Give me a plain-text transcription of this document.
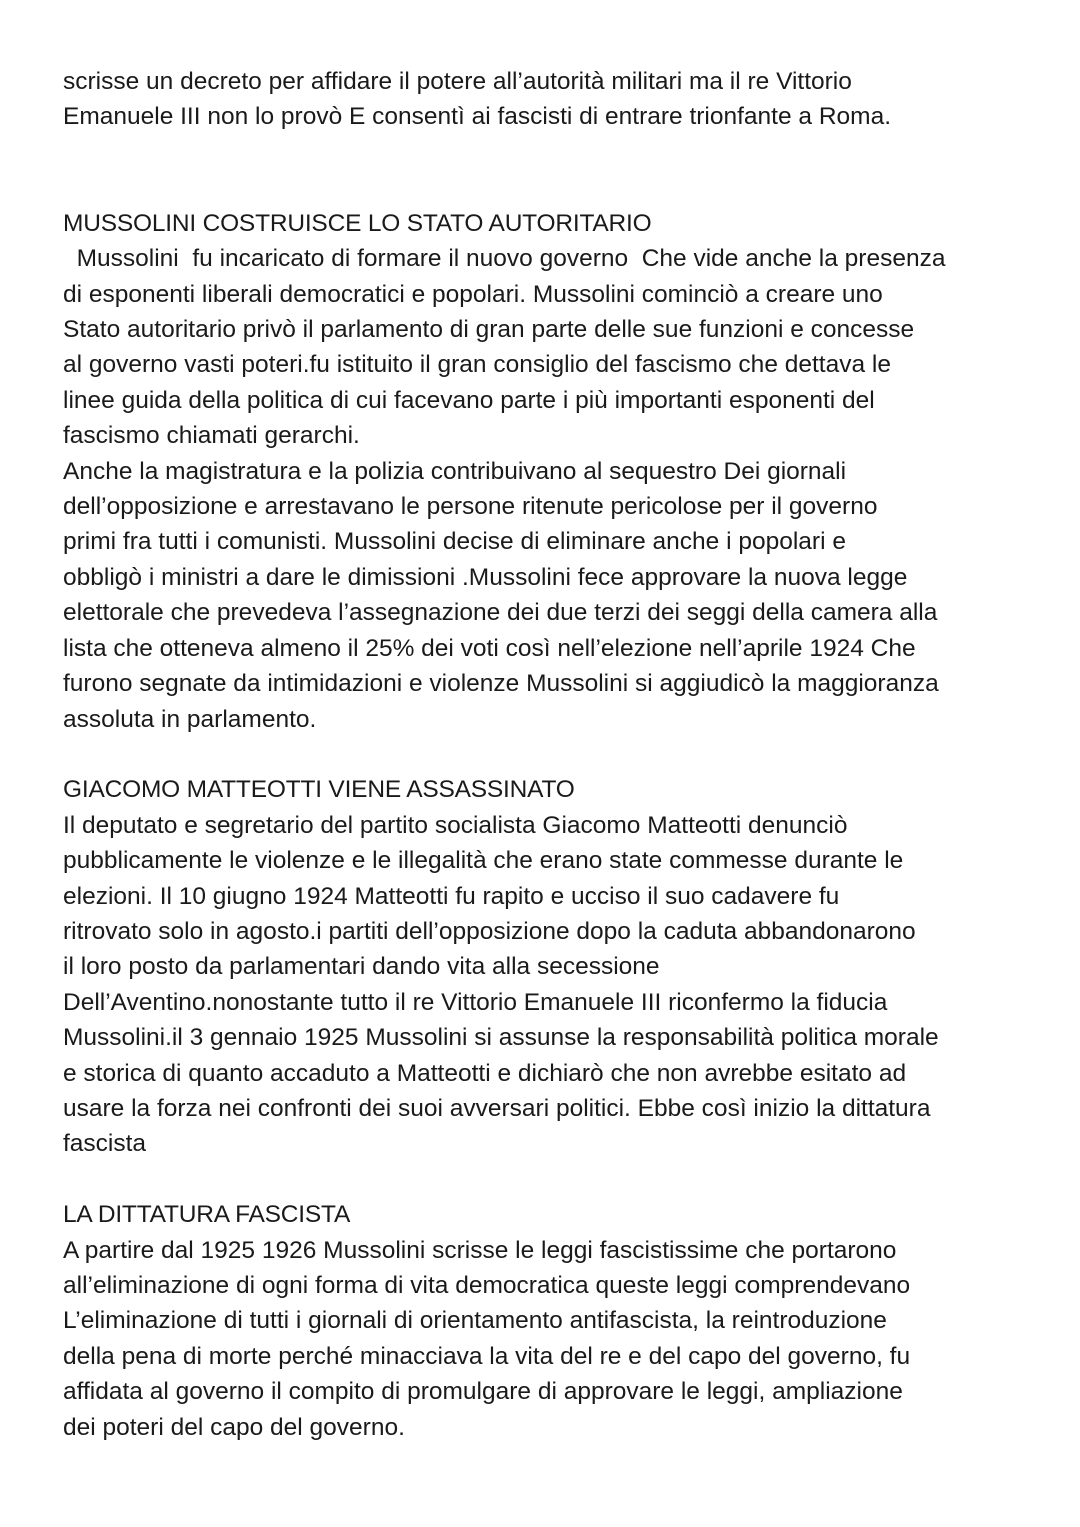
scrisse un decreto per affidare il potere all’autorità militari ma il re Vittorio
Emanuele III non lo provò E consentì ai fascisti di entrare trionfante a Roma.

MUSSOLINI COSTRUISCE LO STATO AUTORITARIO

Mussolini  fu incaricato di formare il nuovo governo  Che vide anche la presenza
di esponenti liberali democratici e popolari. Mussolini cominciò a creare uno
Stato autoritario privò il parlamento di gran parte delle sue funzioni e concesse
al governo vasti poteri.fu istituito il gran consiglio del fascismo che dettava le
linee guida della politica di cui facevano parte i più importanti esponenti del
fascismo chiamati gerarchi.
Anche la magistratura e la polizia contribuivano al sequestro Dei giornali
dell’opposizione e arrestavano le persone ritenute pericolose per il governo
primi fra tutti i comunisti. Mussolini decise di eliminare anche i popolari e
obbligò i ministri a dare le dimissioni .Mussolini fece approvare la nuova legge
elettorale che prevedeva l’assegnazione dei due terzi dei seggi della camera alla
lista che otteneva almeno il 25% dei voti così nell’elezione nell’aprile 1924 Che
furono segnate da intimidazioni e violenze Mussolini si aggiudicò la maggioranza
assoluta in parlamento.

GIACOMO MATTEOTTI VIENE ASSASSINATO

Il deputato e segretario del partito socialista Giacomo Matteotti denunciò
pubblicamente le violenze e le illegalità che erano state commesse durante le
elezioni. Il 10 giugno 1924 Matteotti fu rapito e ucciso il suo cadavere fu
ritrovato solo in agosto.i partiti dell’opposizione dopo la caduta abbandonarono
il loro posto da parlamentari dando vita alla secessione
Dell’Aventino.nonostante tutto il re Vittorio Emanuele III riconfermo la fiducia
Mussolini.il 3 gennaio 1925 Mussolini si assunse la responsabilità politica morale
e storica di quanto accaduto a Matteotti e dichiarò che non avrebbe esitato ad
usare la forza nei confronti dei suoi avversari politici. Ebbe così inizio la dittatura
fascista

LA DITTATURA FASCISTA

A partire dal 1925 1926 Mussolini scrisse le leggi fascistissime che portarono
all’eliminazione di ogni forma di vita democratica queste leggi comprendevano
L’eliminazione di tutti i giornali di orientamento antifascista, la reintroduzione
della pena di morte perché minacciava la vita del re e del capo del governo, fu
affidata al governo il compito di promulgare di approvare le leggi, ampliazione
dei poteri del capo del governo.
